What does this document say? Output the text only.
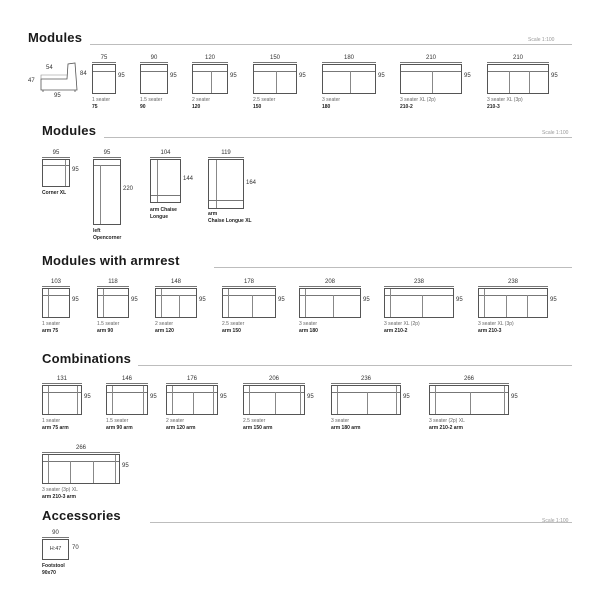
Modules	Scale 1:100
Modules	Scale 1:100
Modules with armrest
Combinations
Accessories	Scale 1:100
54
47
84
95
75
95
1 seater
75
90
95
1.5 seater
90
120
95
2 seater
120
150
95
2.5 seater
150
180
95
3 seater
180
210
95
3 seater XL (2p)
210-2
210
95
3 seater XL (3p)
210-3
95
95
Corner XL
95
220
left
Opencorner
104
144
arm Chaise
Longue
119
164
arm
Chaise Longue XL
103
95
1 seater
arm 75
118
95
1.5 seater
arm 90
148
95
2 seater
arm 120
178
95
2.5 seater
arm 150
208
95
3 seater
arm 180
238
95
3 seater XL (2p)
arm 210-2
238
95
3 seater XL (3p)
arm 210-3
131
95
1 seater
arm 75 arm
146
95
1.5 seater
arm 90 arm
176
95
2 seater
arm 120 arm
206
95
2.5 seater
arm 150 arm
236
95
3 seater
arm 180 arm
266
95
3 seater (2p) XL
arm 210-2 arm
266
95
3 seater (3p) XL
arm 210-3 arm
90
H:47	70
Footstool
90x70
